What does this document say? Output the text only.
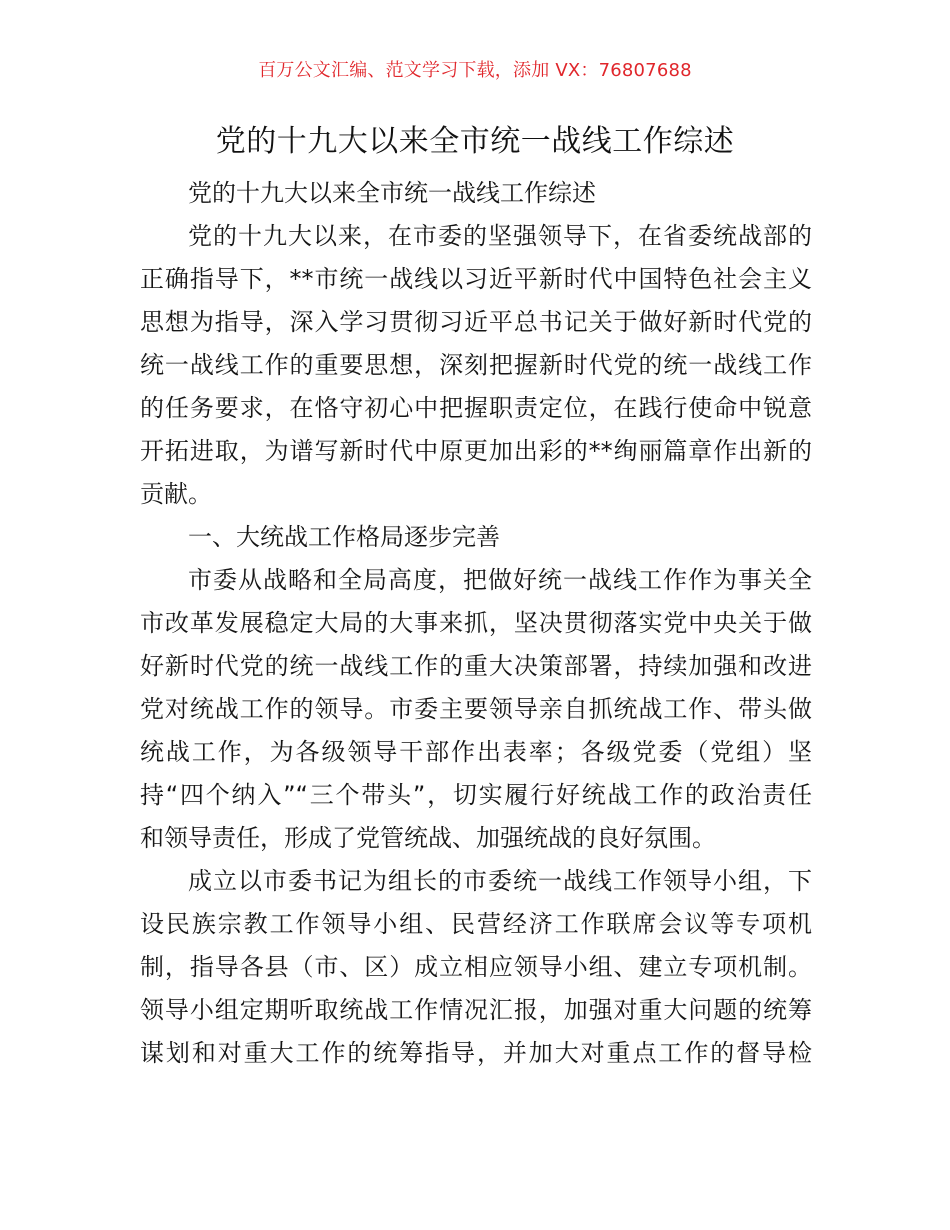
百万公文汇编、范文学习下载，添加 VX：76807688
党的十九大以来全市统一战线工作综述
党的十九大以来全市统一战线工作综述
党的十九大以来，在市委的坚强领导下，在省委统战部的
正确指导下，**市统一战线以习近平新时代中国特色社会主义
思想为指导，深入学习贯彻习近平总书记关于做好新时代党的
统一战线工作的重要思想，深刻把握新时代党的统一战线工作
的任务要求，在恪守初心中把握职责定位，在践行使命中锐意
开拓进取，为谱写新时代中原更加出彩的**绚丽篇章作出新的
贡献。
一、大统战工作格局逐步完善
市委从战略和全局高度，把做好统一战线工作作为事关全
市改革发展稳定大局的大事来抓，坚决贯彻落实党中央关于做
好新时代党的统一战线工作的重大决策部署，持续加强和改进
党对统战工作的领导。市委主要领导亲自抓统战工作、带头做
统战工作，为各级领导干部作出表率；各级党委（党组）坚
持“四个纳入”“三个带头”，切实履行好统战工作的政治责任
和领导责任，形成了党管统战、加强统战的良好氛围。
成立以市委书记为组长的市委统一战线工作领导小组，下
设民族宗教工作领导小组、民营经济工作联席会议等专项机
制，指导各县（市、区）成立相应领导小组、建立专项机制。
领导小组定期听取统战工作情况汇报，加强对重大问题的统筹
谋划和对重大工作的统筹指导，并加大对重点工作的督导检
